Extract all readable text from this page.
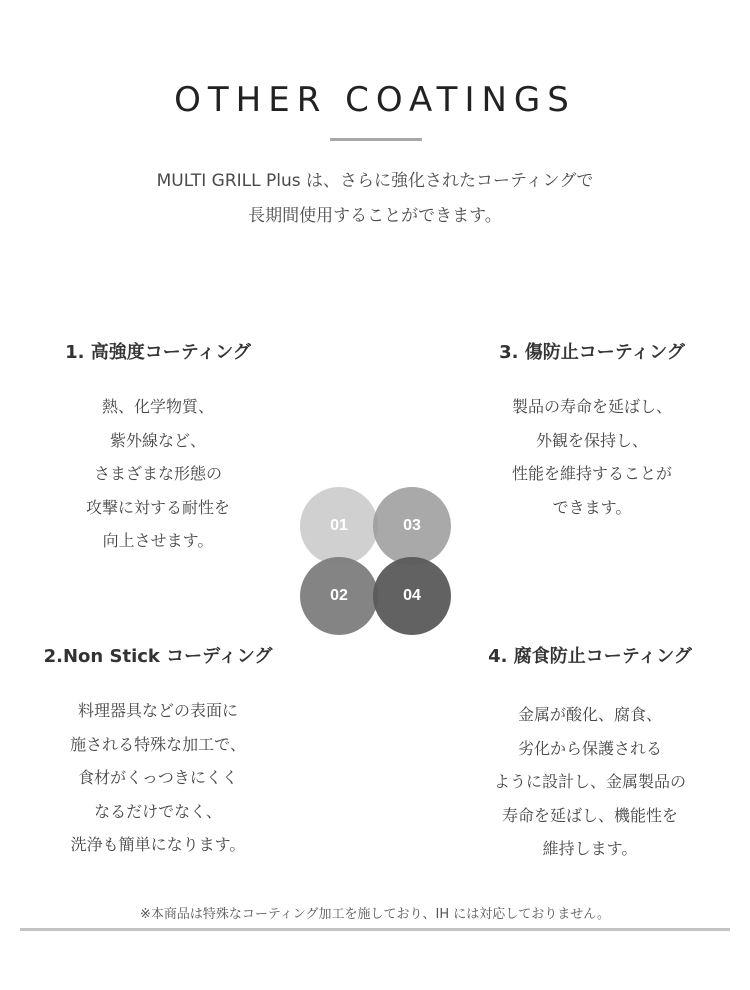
OTHER COATINGS
MULTI GRILL Plus は、さらに強化されたコーティングで
長期間使用することができます。
1. 高強度コーティング
熱、化学物質、
紫外線など、
さまざまな形態の
攻撃に対する耐性を
向上させます。
3. 傷防止コーティング
製品の寿命を延ばし、
外観を保持し、
性能を維持することが
できます。
01	03
02	04
2.Non Stick コーディング
料理器具などの表面に
施される特殊な加工で、
食材がくっつきにくく
なるだけでなく、
洗浄も簡単になります。
4. 腐食防止コーティング
金属が酸化、腐食、
劣化から保護される
ように設計し、金属製品の
寿命を延ばし、機能性を
維持します。
※本商品は特殊なコーティング加工を施しており、IH には対応しておりません。
